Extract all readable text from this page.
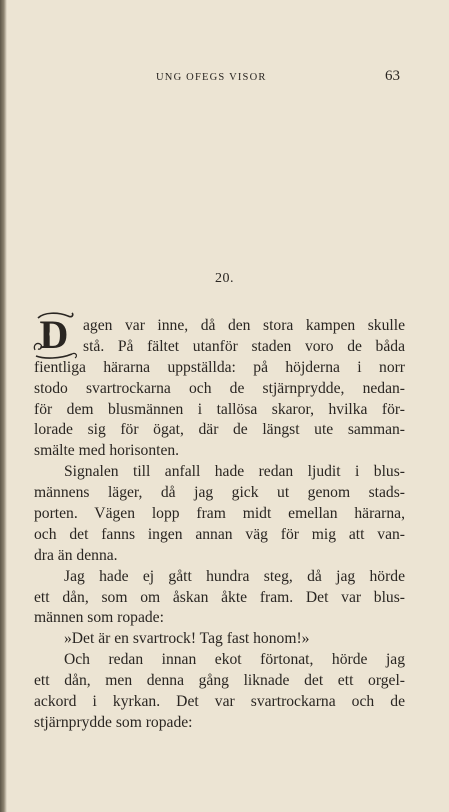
UNG OFEGS VISOR	63
20.
D agen var inne, då den stora kampen skulle
stå. På fältet utanför staden voro de båda
fientliga härarna uppställda: på höjderna i norr
stodo svartrockarna och de stjärnprydde, nedan-
för dem blusmännen i tallösa skaror, hvilka för-
lorade sig för ögat, där de längst ute samman-
smälte med horisonten.
Signalen till anfall hade redan ljudit i blus-
männens läger, då jag gick ut genom stads-
porten. Vägen lopp fram midt emellan härarna,
och det fanns ingen annan väg för mig att van-
dra än denna.
Jag hade ej gått hundra steg, då jag hörde
ett dån, som om åskan åkte fram. Det var blus-
männen som ropade:
»Det är en svartrock! Tag fast honom!»
Och redan innan ekot förtonat, hörde jag
ett dån, men denna gång liknade det ett orgel-
ackord i kyrkan. Det var svartrockarna och de
stjärnprydde som ropade:
